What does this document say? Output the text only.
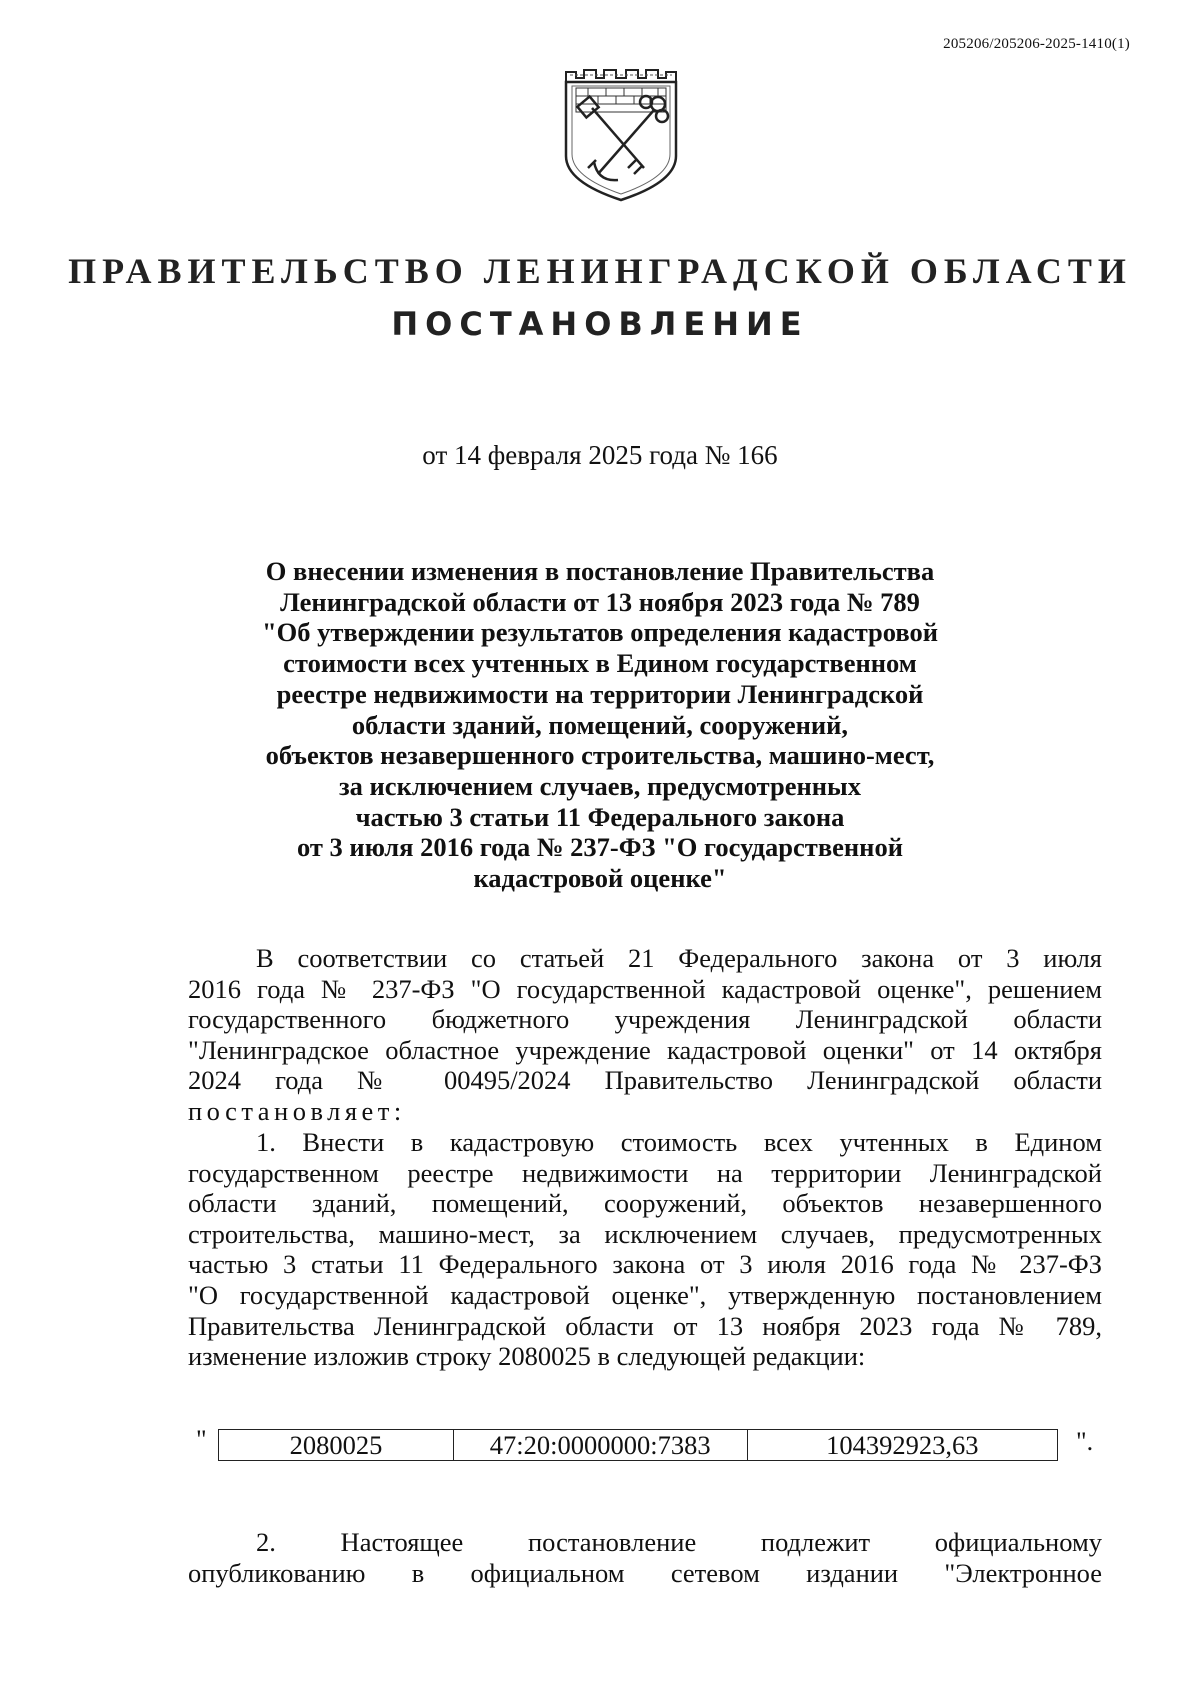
205206/205206-2025-1410(1)
ПРАВИТЕЛЬСТВО ЛЕНИНГРАДСКОЙ ОБЛАСТИ
ПОСТАНОВЛЕНИЕ
от 14 февраля 2025 года № 166
О внесении изменения в постановление Правительства
Ленинградской области от 13 ноября 2023 года № 789
"Об утверждении результатов определения кадастровой
стоимости всех учтенных в Едином государственном
реестре недвижимости на территории Ленинградской
области зданий, помещений, сооружений,
объектов незавершенного строительства, машино-мест,
за исключением случаев, предусмотренных
частью 3 статьи 11 Федерального закона
от 3 июля 2016 года № 237-ФЗ "О государственной
кадастровой оценке"
В соответствии со статьей 21 Федерального закона от 3 июля
2016 года № 237-ФЗ "О государственной кадастровой оценке", решением
государственного бюджетного учреждения Ленинградской области
"Ленинградское областное учреждение кадастровой оценки" от 14 октября
2024 года № 00495/2024 Правительство Ленинградской области
постановляет:
1. Внести в кадастровую стоимость всех учтенных в Едином
государственном реестре недвижимости на территории Ленинградской
области зданий, помещений, сооружений, объектов незавершенного
строительства, машино-мест, за исключением случаев, предусмотренных
частью 3 статьи 11 Федерального закона от 3 июля 2016 года № 237-ФЗ
"О государственной кадастровой оценке", утвержденную постановлением
Правительства Ленинградской области от 13 ноября 2023 года № 789,
изменение изложив строку 2080025 в следующей редакции:
"	2080025	47:20:0000000:7383	104392923,63	".
2. Настоящее постановление подлежит официальному
опубликованию в официальном сетевом издании "Электронное
